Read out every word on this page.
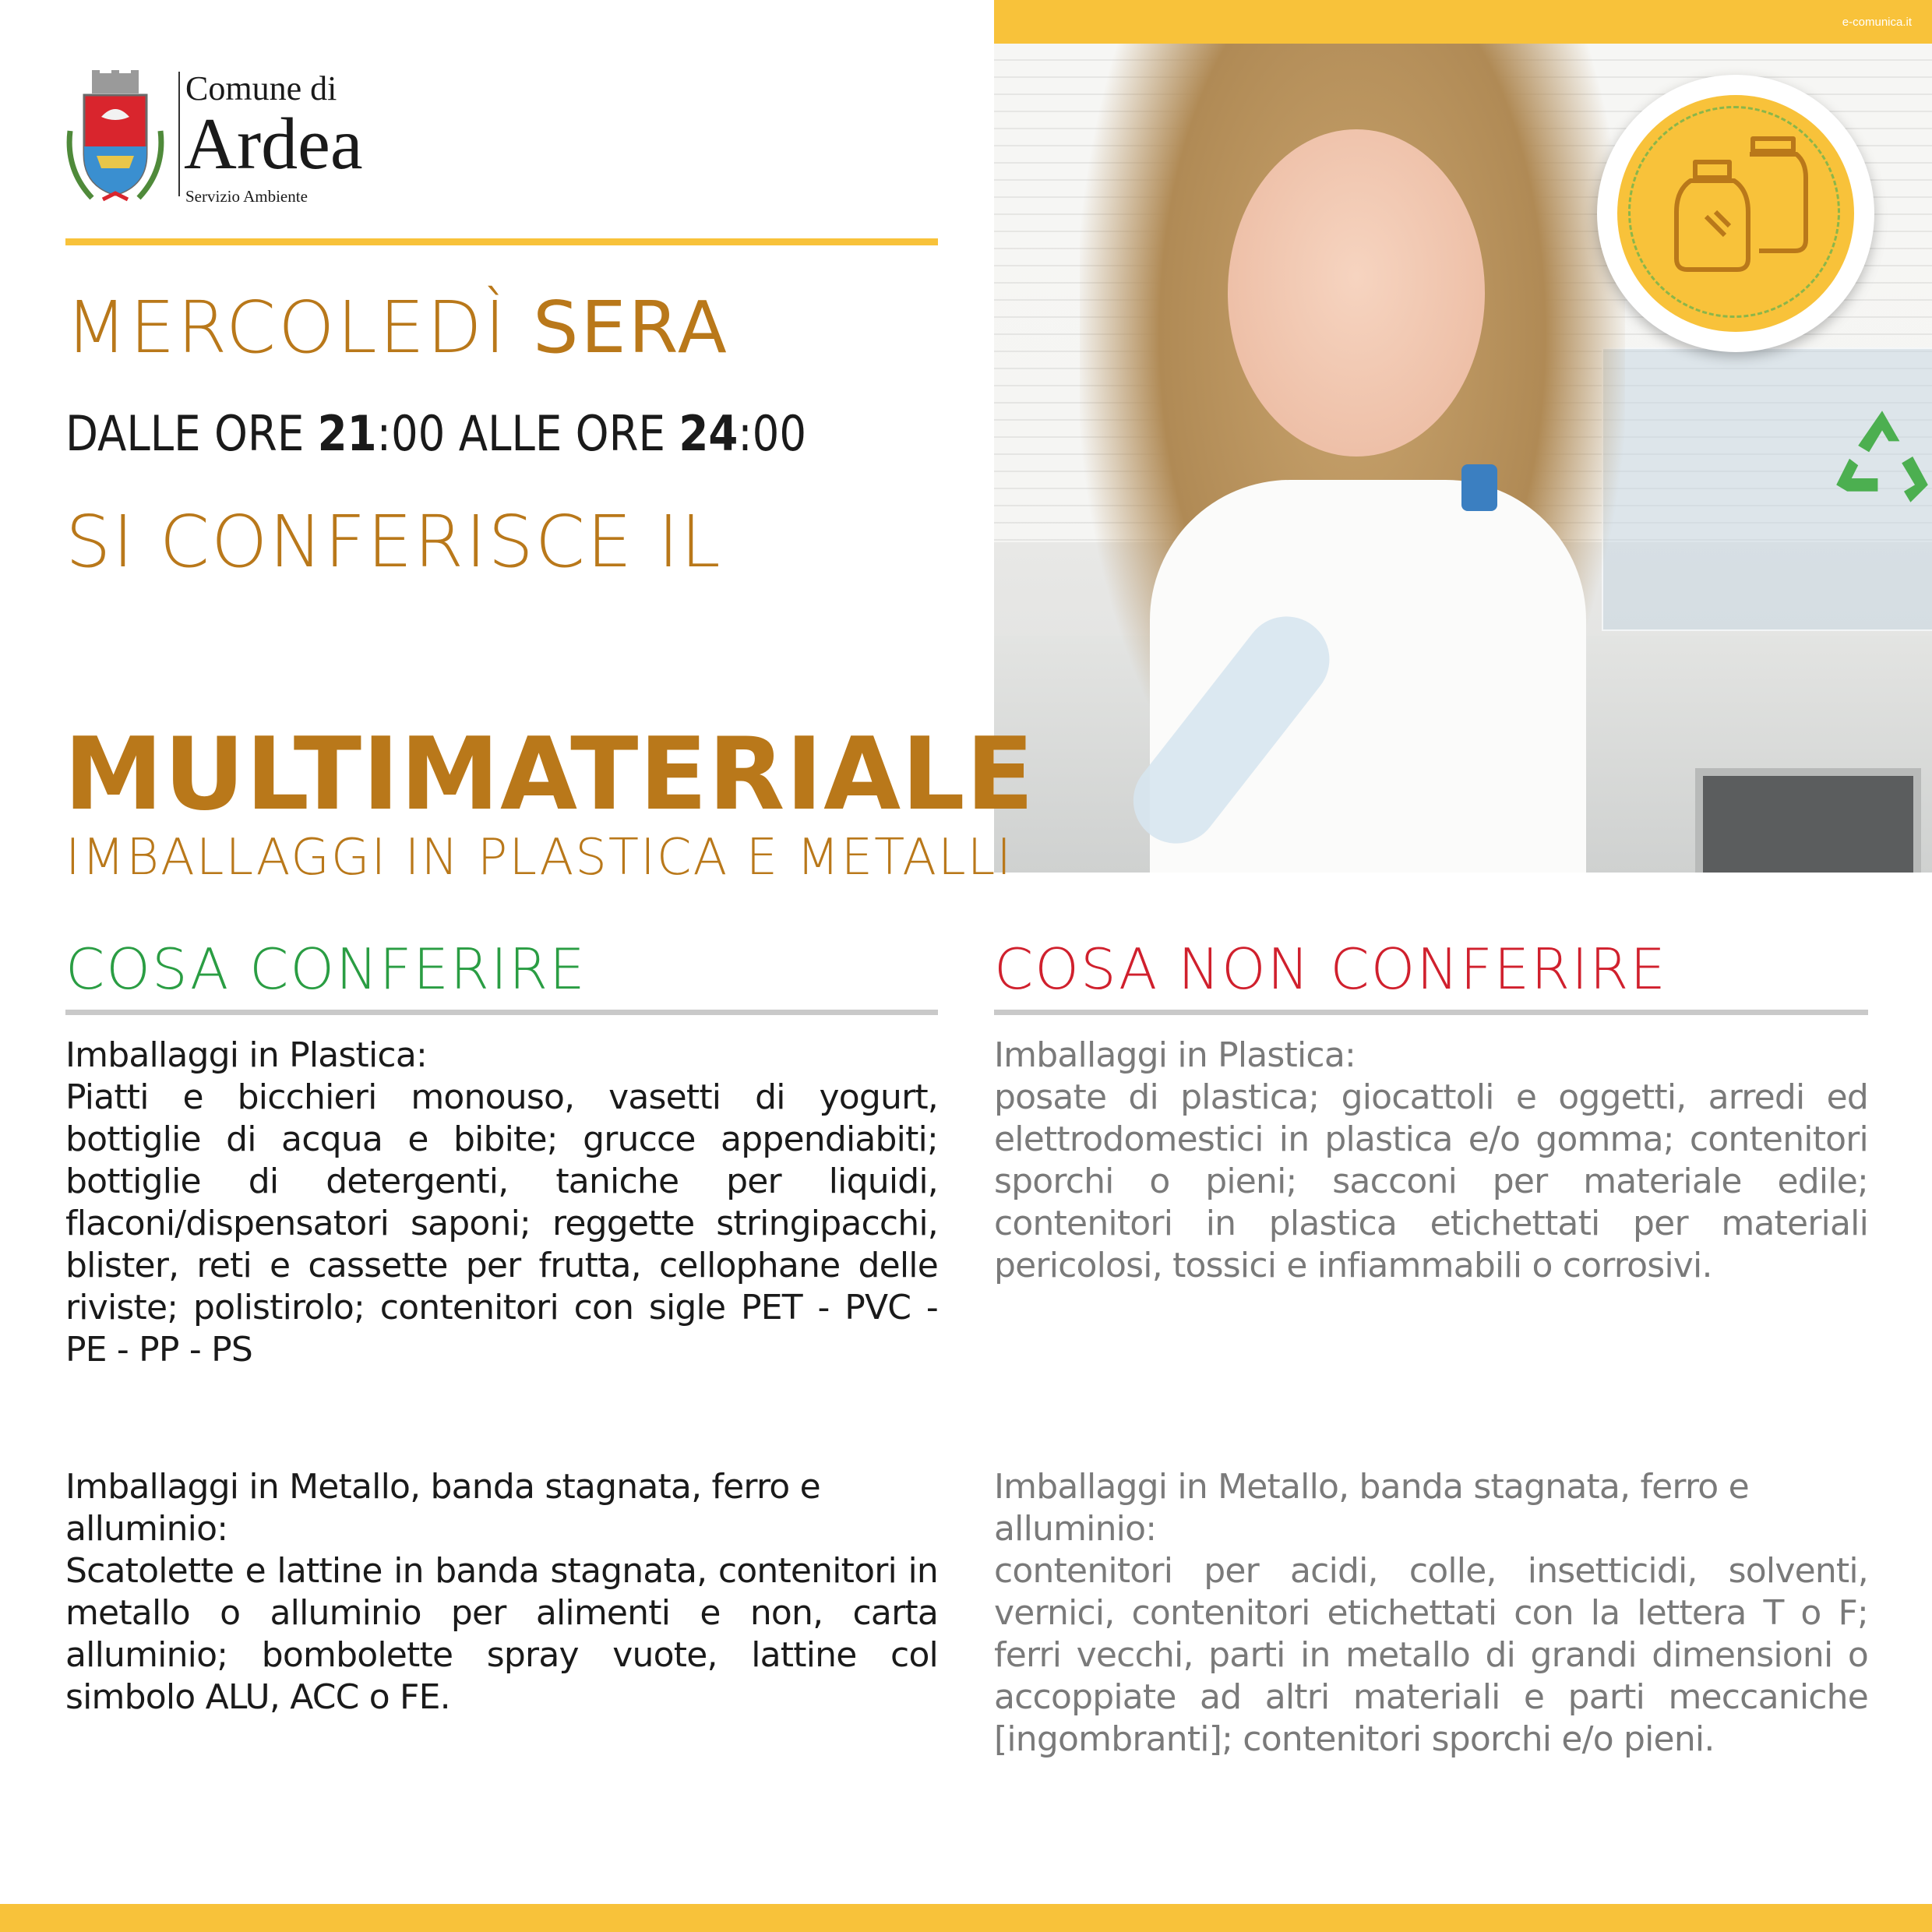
e-comunica.it
Comune di
Ardea
Servizio Ambiente
MERCOLEDÌ SERA
DALLE ORE 21:00 ALLE ORE 24:00
SI CONFERISCE IL
MULTIMATERIALE
IMBALLAGGI IN PLASTICA E METALLI
COSA CONFERIRE	COSA NON CONFERIRE
Imballaggi in Plastica:
Piatti e bicchieri monouso, vasetti di yogurt, bottiglie di acqua e bibite; grucce appendiabiti; bottiglie di detergenti, taniche per liquidi, flaconi/dispensatori saponi; reggette stringipacchi, blister, reti e cassette per frutta, cellophane delle riviste; polistirolo; contenitori con sigle PET - PVC - PE - PP - PS
Imballaggi in Metallo, banda stagnata, ferro e alluminio:
Scatolette e lattine in banda stagnata, contenitori in metallo o alluminio per alimenti e non, carta alluminio; bombolette spray vuote, lattine col simbolo ALU, ACC o FE.
Imballaggi in Plastica:
posate di plastica; giocattoli e oggetti, arredi ed elettrodomestici in plastica e/o gomma; contenitori sporchi o pieni; sacconi per materiale edile; contenitori in plastica etichettati per materiali pericolosi, tossici e infiammabili o corrosivi.
Imballaggi in Metallo, banda stagnata, ferro e alluminio:
contenitori per acidi, colle, insetticidi, solventi, vernici, contenitori etichettati con la lettera T o F; ferri vecchi, parti in metallo di grandi dimensioni o accoppiate ad altri materiali e parti meccaniche [ingombranti]; contenitori sporchi e/o pieni.
